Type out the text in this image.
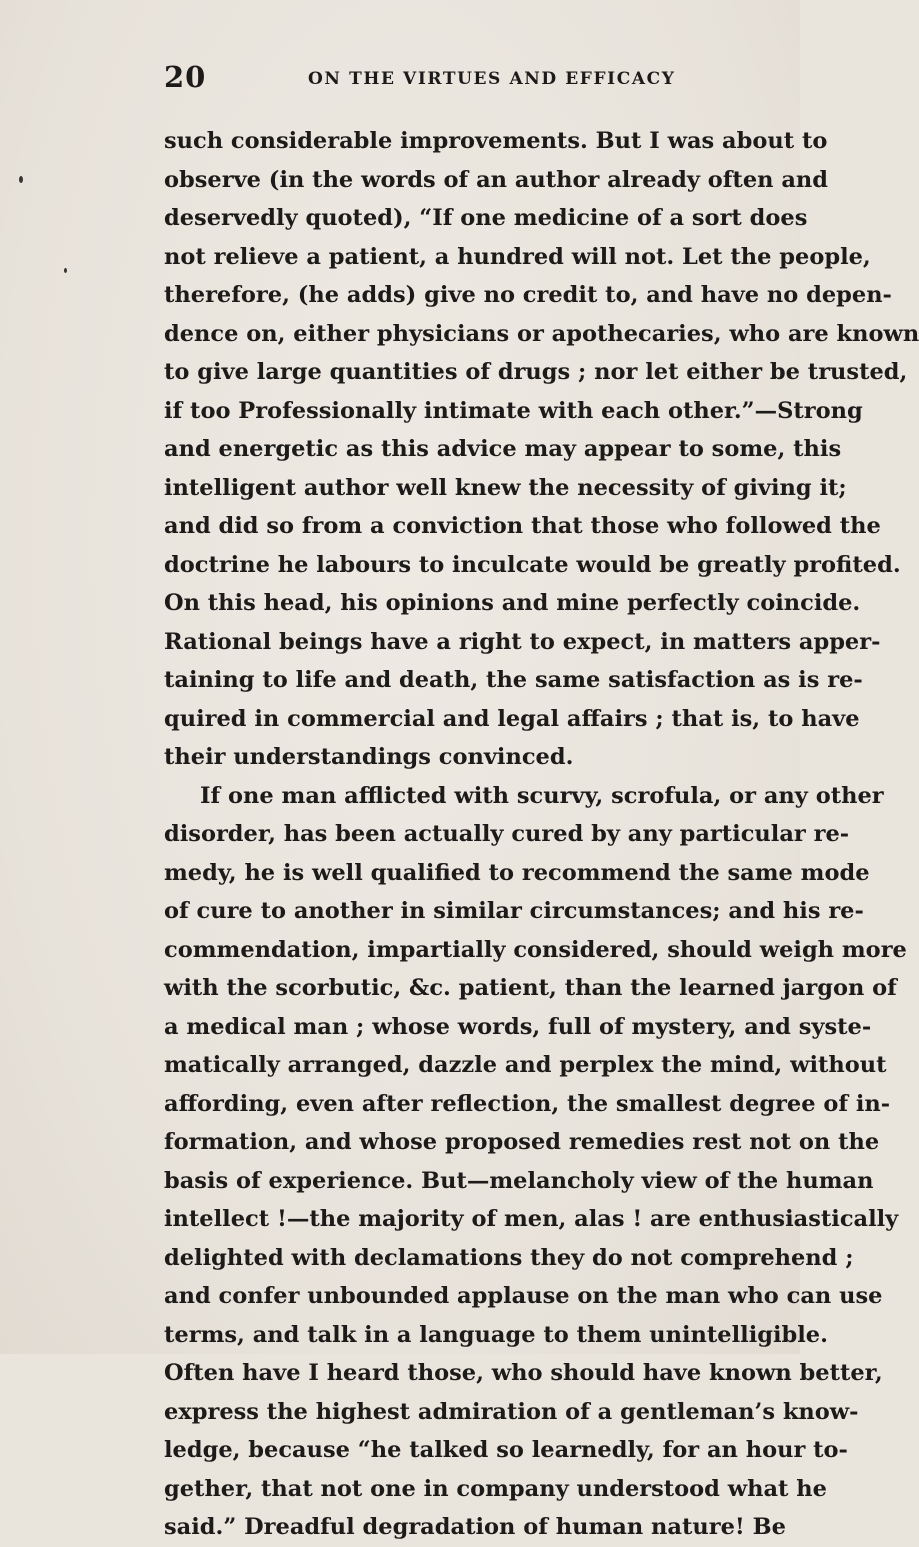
20	ON THE VIRTUES AND EFFICACY
such considerable improvements. But I was about to
observe (in the words of an author already often and
deservedly quoted), “If one medicine of a sort does
not relieve a patient, a hundred will not. Let the people,
therefore, (he adds) give no credit to, and have no depen-
dence on, either physicians or apothecaries, who are known
to give large quantities of drugs ; nor let either be trusted,
if too Professionally intimate with each other.”—Strong
and energetic as this advice may appear to some, this
intelligent author well knew the necessity of giving it;
and did so from a conviction that those who followed the
doctrine he labours to inculcate would be greatly profited.
On this head, his opinions and mine perfectly coincide.
Rational beings have a right to expect, in matters apper-
taining to life and death, the same satisfaction as is re-
quired in commercial and legal affairs ; that is, to have
their understandings convinced.
If one man afflicted with scurvy, scrofula, or any other
disorder, has been actually cured by any particular re-
medy, he is well qualified to recommend the same mode
of cure to another in similar circumstances; and his re-
commendation, impartially considered, should weigh more
with the scorbutic, &c. patient, than the learned jargon of
a medical man ; whose words, full of mystery, and syste-
matically arranged, dazzle and perplex the mind, without
affording, even after reflection, the smallest degree of in-
formation, and whose proposed remedies rest not on the
basis of experience. But—melancholy view of the human
intellect !—the majority of men, alas ! are enthusiastically
delighted with declamations they do not comprehend ;
and confer unbounded applause on the man who can use
terms, and talk in a language to them unintelligible.
Often have I heard those, who should have known better,
express the highest admiration of a gentleman’s know-
ledge, because “he talked so learnedly, for an hour to-
gether, that not one in company understood what he
said.” Dreadful degradation of human nature! Be
